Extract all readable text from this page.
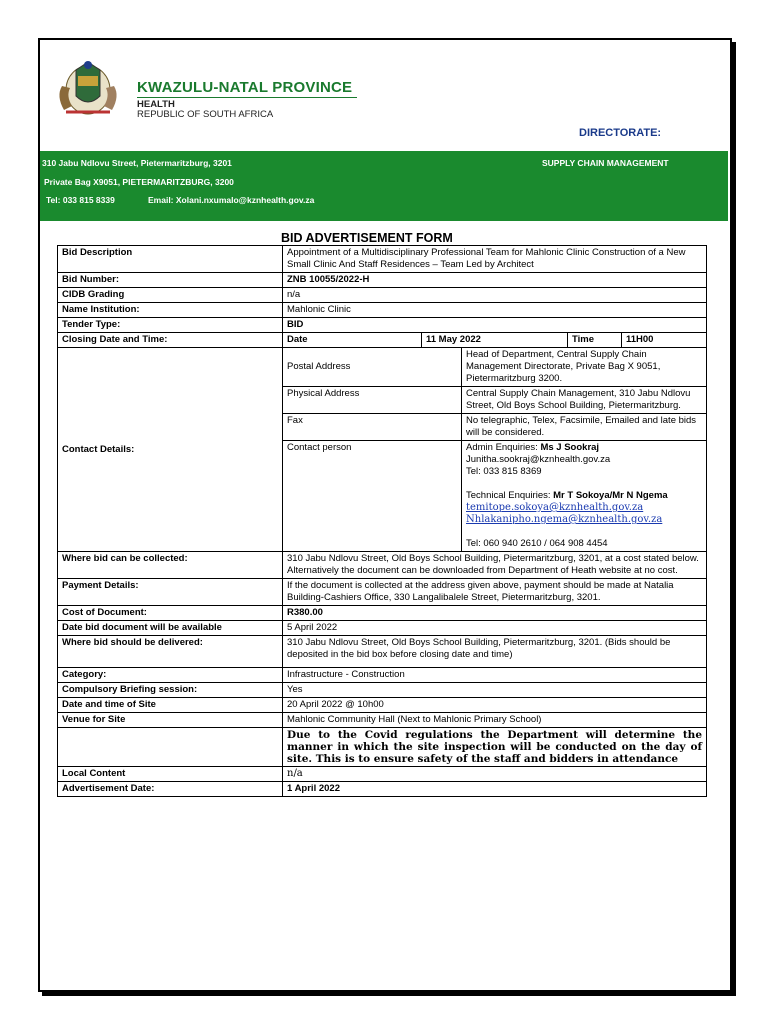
KWAZULU-NATAL PROVINCE
HEALTH
REPUBLIC OF SOUTH AFRICA
DIRECTORATE:
310 Jabu Ndlovu Street, Pietermaritzburg, 3201
Private Bag X9051, PIETERMARITZBURG, 3200
Tel: 033 815 8339	Email: Xolani.nxumalo@kznhealth.gov.za
SUPPLY CHAIN MANAGEMENT
BID ADVERTISEMENT FORM
Bid Description	Appointment of a Multidisciplinary Professional Team for Mahlonic Clinic Construction of a New Small Clinic And Staff Residences – Team Led by Architect
Bid Number:	ZNB 10055/2022-H
CIDB Grading	n/a
Name Institution:	Mahlonic Clinic
Tender Type:	BID
Closing Date and Time:		Date	11 May 2022	Time	11H00

Contact Details:	
Postal Address	Head of Department, Central Supply Chain Management Directorate, Private Bag X 9051, Pietermaritzburg 3200.
Physical Address	Central Supply Chain Management, 310 Jabu Ndlovu Street, Old Boys School Building, Pietermaritzburg.
Fax	No telegraphic, Telex, Facsimile, Emailed and late bids will be considered.
Contact person	Admin Enquiries: Ms J Sookraj
Junitha.sookraj@kznhealth.gov.za
Tel: 033 815 8369
Technical Enquiries: Mr T Sokoya/Mr N Ngema
temitope.sokoya@kznhealth.gov.za
Nhlakanipho.ngema@kznhealth.gov.za
Tel: 060 940 2610 / 064 908 4454

Where bid can be collected:	310 Jabu Ndlovu Street, Old Boys School Building, Pietermaritzburg, 3201, at a cost stated below.
Alternatively the document can be downloaded from Department of Heath website at no cost.

Payment Details:	If the document is collected at the address given above, payment should be made at Natalia Building-Cashiers Office, 330 Langalibalele Street, Pietermaritzburg, 3201.
Cost of Document:	R380.00
Date bid document will be available	5 April 2022
Where bid should be delivered:	310 Jabu Ndlovu Street, Old Boys School Building, Pietermaritzburg, 3201. (Bids should be deposited in the bid box before closing date and time)
Category:	Infrastructure - Construction
Compulsory Briefing session:	Yes
Date and time of Site	20 April 2022 @ 10h00
Venue for Site	Mahlonic Community Hall (Next to Mahlonic Primary School)
	Due to the Covid regulations the Department will determine the manner in which the site inspection will be conducted on the day of site. This is to ensure safety of the staff and bidders in attendance
Local Content	n/a
Advertisement Date:	1 April 2022
